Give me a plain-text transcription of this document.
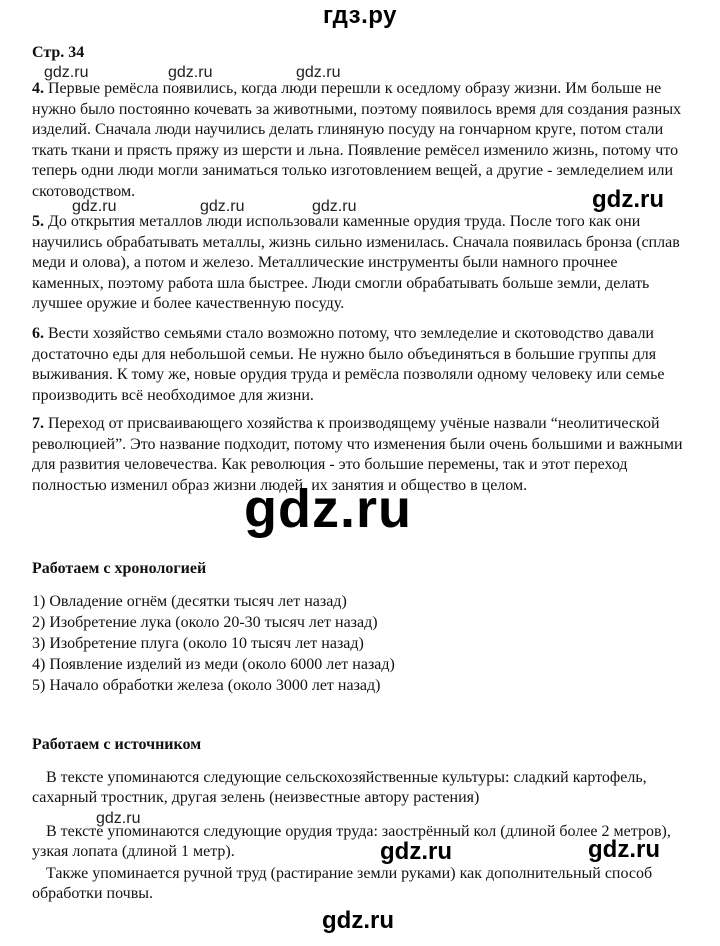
гдз.ру
Стр. 34

4. Первые ремёсла появились, когда люди перешли к оседлому образу жизни. Им больше не нужно было постоянно кочевать за животными, поэтому появилось время для создания разных изделий. Сначала люди научились делать глиняную посуду на гончарном круге, потом стали ткать ткани и прясть пряжу из шерсти и льна. Появление ремёсел изменило жизнь, потому что теперь одни люди могли заниматься только изготовлением вещей, а другие - земледелием или скотоводством.

5. До открытия металлов люди использовали каменные орудия труда. После того как они научились обрабатывать металлы, жизнь сильно изменилась. Сначала появилась бронза (сплав меди и олова), а потом и железо. Металлические инструменты были намного прочнее каменных, поэтому работа шла быстрее. Люди смогли обрабатывать больше земли, делать лучшее оружие и более качественную посуду.

6. Вести хозяйство семьями стало возможно потому, что земледелие и скотоводство давали достаточно еды для небольшой семьи. Не нужно было объединяться в большие группы для выживания. К тому же, новые орудия труда и ремёсла позволяли одному человеку или семье производить всё необходимое для жизни.

7. Переход от присваивающего хозяйства к производящему учёные назвали “неолитической революцией”. Это название подходит, потому что изменения были очень большими и важными для развития человечества. Как революция - это большие перемены, так и этот переход полностью изменил образ жизни людей, их занятия и общество в целом.

Работаем с хронологией
1) Овладение огнём (десятки тысяч лет назад)
2) Изобретение лука (около 20-30 тысяч лет назад)
3) Изобретение плуга (около 10 тысяч лет назад)
4) Появление изделий из меди (около 6000 лет назад)
5) Начало обработки железа (около 3000 лет назад)
Работаем с источником

В тексте упоминаются следующие сельскохозяйственные культуры: сладкий картофель, сахарный тростник, другая зелень (неизвестные автору растения)

В тексте упоминаются следующие орудия труда: заострённый кол (длиной более 2 метров), узкая лопата (длиной 1 метр).

Также упоминается ручной труд (растирание земли руками) как дополнительный способ обработки почвы.

gdz.ru	gdz.ru	gdz.ru
gdz.ru
gdz.ru	gdz.ru	gdz.ru
gdz.ru
gdz.ru
gdz.ru	gdz.ru
gdz.ru
